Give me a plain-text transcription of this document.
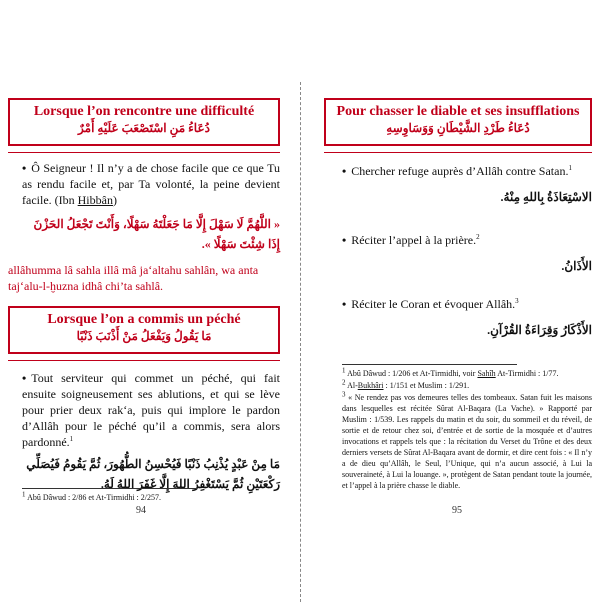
Lorsque l’on rencontre une difficulté
دُعَاءُ مَنِ اسْتَصْعَبَ عَلَيْهِ أَمْرٌ
• Ô Seigneur ! Il n’y a de chose facile que ce que Tu as rendu facile et, par Ta volonté, la peine devient facile. (Ibn Hibbân)
« اللَّهُمَّ لَا سَهْلَ إِلَّا مَا جَعَلْتَهُ سَهْلًا، وَأَنْتَ تَجْعَلُ الحَزْنَ إِذَا شِئْتَ سَهْلًا ».
allâhumma lâ sahla illâ mâ ja‘altahu sahlân, wa anta taj‘alu-l-ḫuzna idhâ chi’ta sahlâ.
Lorsque l’on a commis un péché
مَا يَقُولُ وَيَفْعَلُ مَنْ أَذْنَبَ ذَنْبًا
• Tout serviteur qui commet un péché, qui fait ensuite soigneusement ses ablutions, et qui se lève pour prier deux rak‘a, puis qui implore le pardon d’Allâh pour le péché qu’il a commis, sera alors pardonné.$^1$
مَا مِنْ عَبْدٍ يُذْنِبُ ذَنْبًا فَيُحْسِنُ الطُّهُورَ، ثُمَّ يَقُومُ فَيُصَلِّي رَكْعَتَيْنِ ثُمَّ يَسْتَغْفِرُ اللهَ إِلَّا غَفَرَ اللهُ لَهُ.
$^1$ Abû Dâwud : 2/86 et At-Tirmidhi : 2/257.
94
Pour chasser le diable et ses insufflations
دُعَاءُ طَرْدِ الشَّيْطَانِ وَوَسَاوِسِهِ
• Chercher refuge auprès d’Allâh contre Satan.$^1$
الاسْتِعَاذَةُ بِاللهِ مِنْهُ.
• Réciter l’appel à la prière.$^2$
الأَذَانُ.
• Réciter le Coran et évoquer Allâh.$^3$
الأَذْكَارُ وَقِرَاءَةُ القُرْآنِ.
$^1$ Abû Dâwud : 1/206 et At-Tirmidhi, voir Sahîh At-Tirmidhi : 1/77.
$^2$ Al-Bukhâri : 1/151 et Muslim : 1/291.
$^3$ « Ne rendez pas vos demeures telles des tombeaux. Satan fuit les maisons dans lesquelles est récitée Sûrat Al-Baqara (La Vache). » Rapporté par Muslim : 1/539. Les rappels du matin et du soir, du sommeil et du réveil, de sortie et de retour chez soi, d’entrée et de sortie de la mosquée et d’autres invocations et rappels tels que : la récitation du Verset du Trône et des deux derniers versets de Sûrat Al-Baqara avant de dormir, et dire cent fois : « Il n’y a de dieu qu’Allâh, le Seul, l’Unique, qui n’a aucun associé, à Lui la souveraineté, à Lui la louange. », protègent de Satan pendant toute la journée, et l’appel à la prière chasse le diable.
95
